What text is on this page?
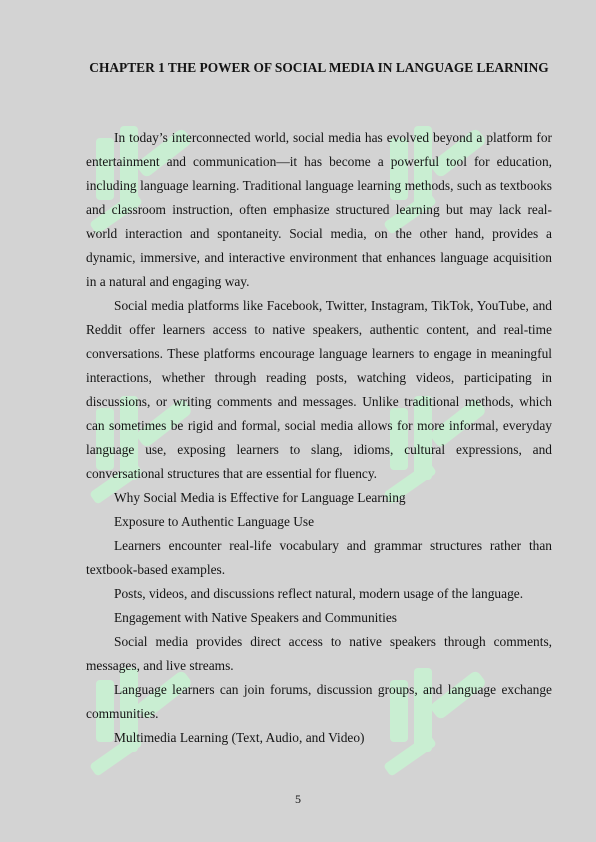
CHAPTER 1 THE POWER OF SOCIAL MEDIA IN LANGUAGE LEARNING

In today’s interconnected world, social media has evolved beyond a platform for entertainment and communication—it has become a powerful tool for education, including language learning. Traditional language learning methods, such as textbooks and classroom instruction, often emphasize structured learning but may lack real-world interaction and spontaneity. Social media, on the other hand, provides a dynamic, immersive, and interactive environment that enhances language acquisition in a natural and engaging way.

Social media platforms like Facebook, Twitter, Instagram, TikTok, YouTube, and Reddit offer learners access to native speakers, authentic content, and real-time conversations. These platforms encourage language learners to engage in meaningful interactions, whether through reading posts, watching videos, participating in discussions, or writing comments and messages. Unlike traditional methods, which can sometimes be rigid and formal, social media allows for more informal, everyday language use, exposing learners to slang, idioms, cultural expressions, and conversational structures that are essential for fluency.

Why Social Media is Effective for Language Learning

Exposure to Authentic Language Use

Learners encounter real-life vocabulary and grammar structures rather than textbook-based examples.

Posts, videos, and discussions reflect natural, modern usage of the language.

Engagement with Native Speakers and Communities

Social media provides direct access to native speakers through comments, messages, and live streams.

Language learners can join forums, discussion groups, and language exchange communities.

Multimedia Learning (Text, Audio, and Video)

5
